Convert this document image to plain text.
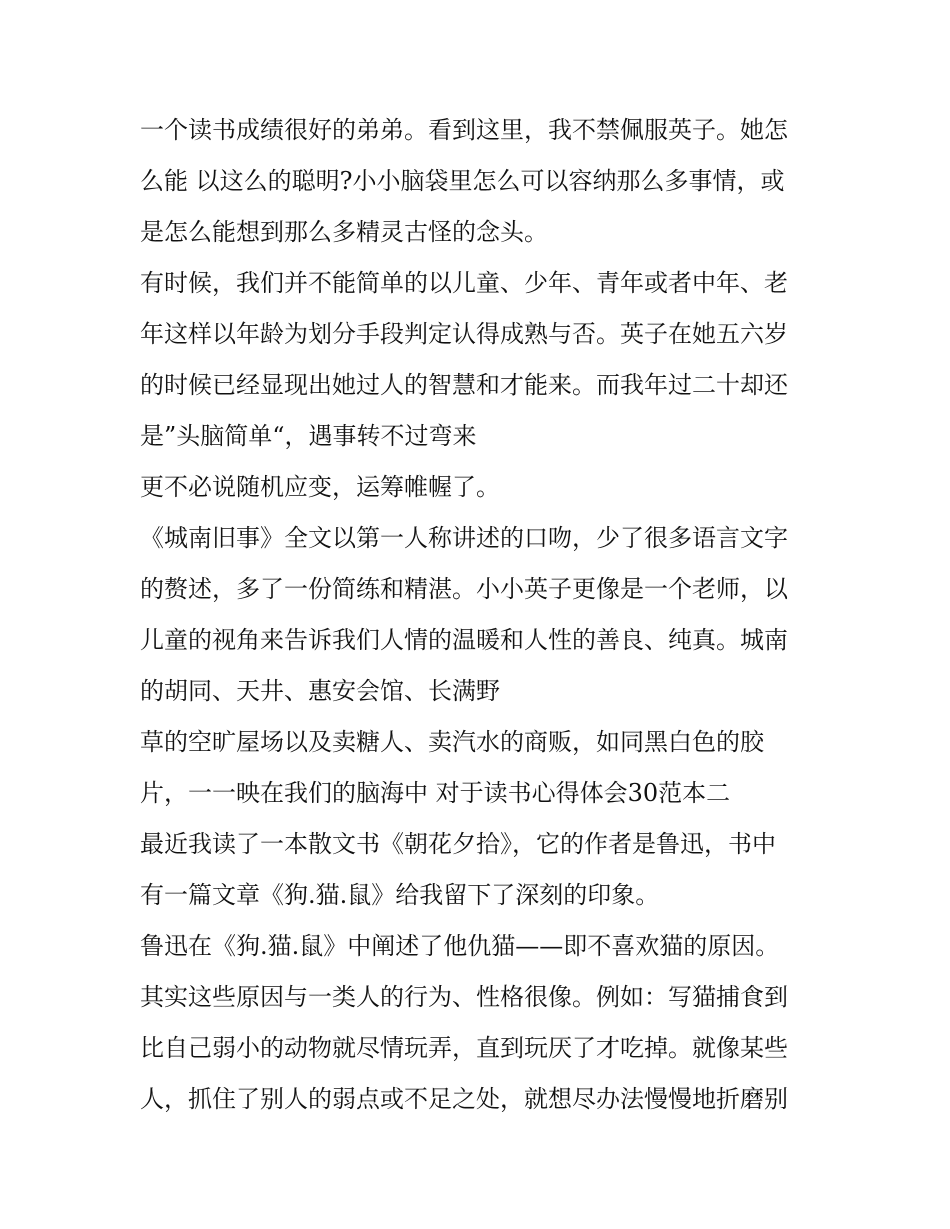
一个读书成绩很好的弟弟。看到这里，我不禁佩服英子。她怎
么能 以这么的聪明?小小脑袋里怎么可以容纳那么多事情，或
是怎么能想到那么多精灵古怪的念头。
有时候，我们并不能简单的以儿童、少年、青年或者中年、老
年这样以年龄为划分手段判定认得成熟与否。英子在她五六岁
的时候已经显现出她过人的智慧和才能来。而我年过二十却还
是”头脑简单“，遇事转不过弯来
更不必说随机应变，运筹帷幄了。
《城南旧事》全文以第一人称讲述的口吻，少了很多语言文字
的赘述，多了一份简练和精湛。小小英子更像是一个老师，以
儿童的视角来告诉我们人情的温暖和人性的善良、纯真。城南
的胡同、天井、惠安会馆、长满野
草的空旷屋场以及卖糖人、卖汽水的商贩，如同黑白色的胶
片，一一映在我们的脑海中 对于读书心得体会30范本二
最近我读了一本散文书《朝花夕拾》，它的作者是鲁迅，书中
有一篇文章《狗.猫.鼠》给我留下了深刻的印象。
鲁迅在《狗.猫.鼠》中阐述了他仇猫——即不喜欢猫的原因。
其实这些原因与一类人的行为、性格很像。例如：写猫捕食到
比自己弱小的动物就尽情玩弄，直到玩厌了才吃掉。就像某些
人，抓住了别人的弱点或不足之处，就想尽办法慢慢地折磨别
